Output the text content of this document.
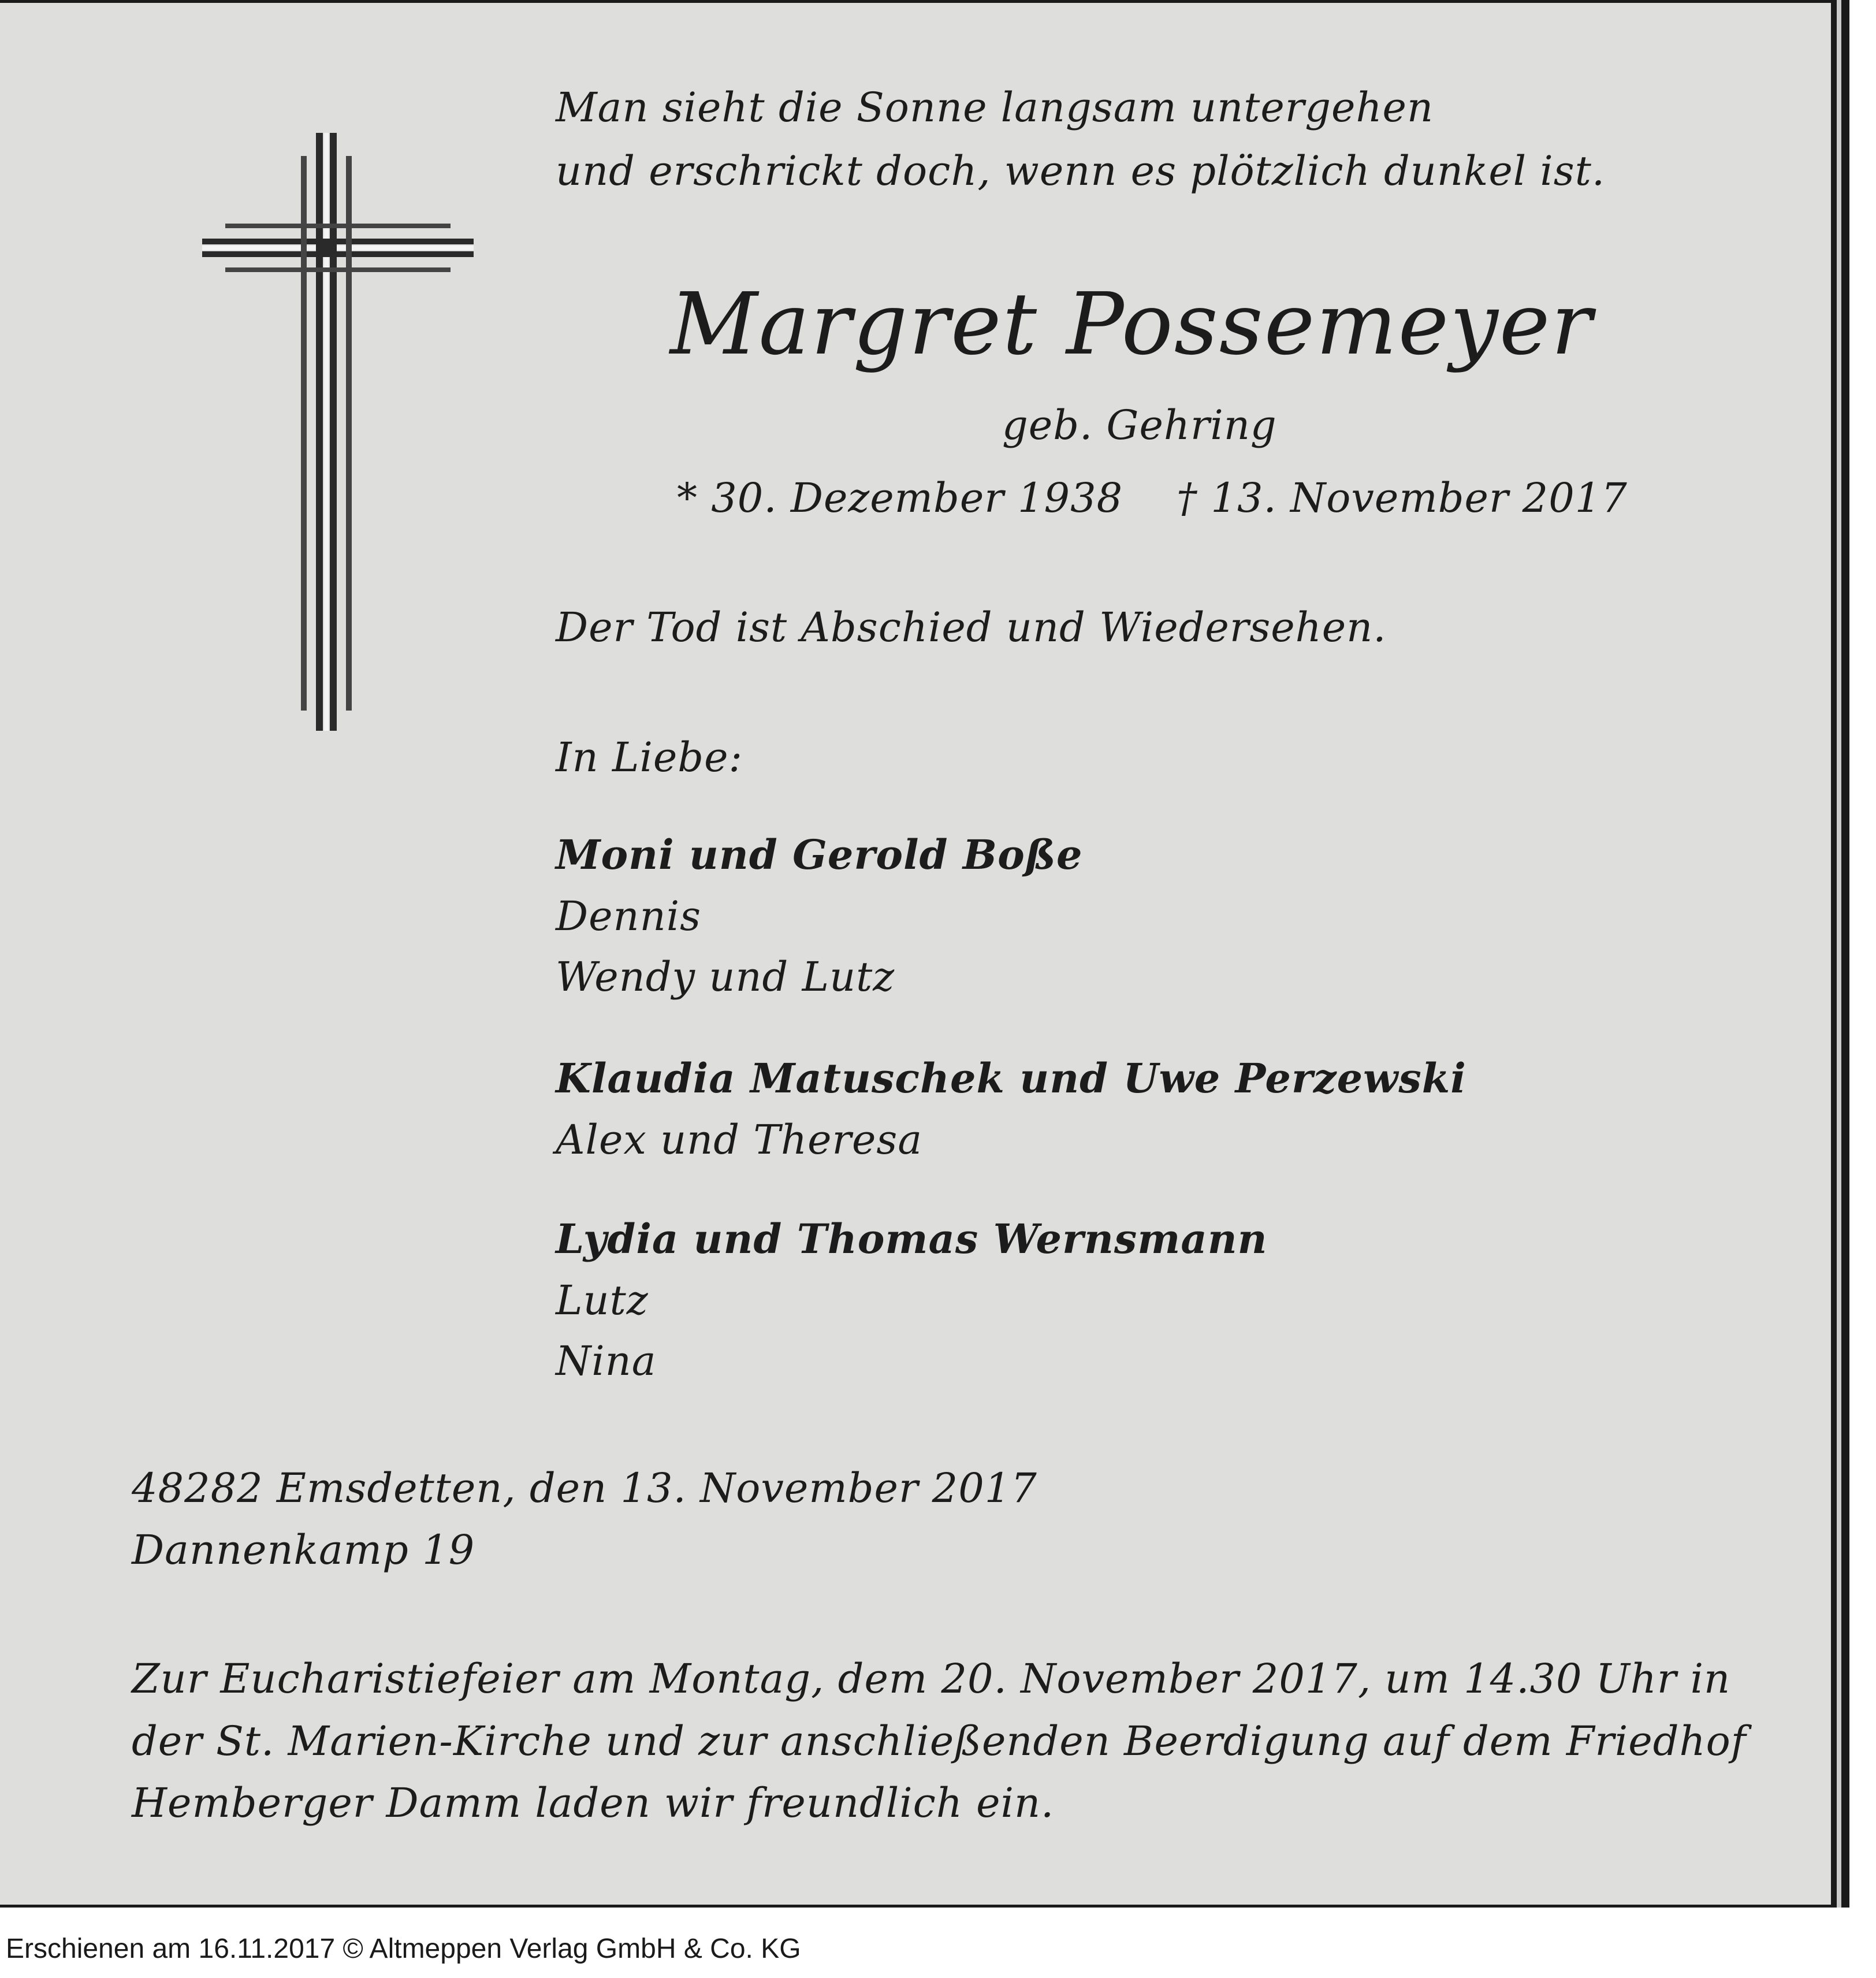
Man sieht die Sonne langsam untergehen
und erschrickt doch, wenn es plötzlich dunkel ist.
Margret Possemeyer
geb. Gehring
* 30. Dezember 1938    † 13. November 2017
Der Tod ist Abschied und Wiedersehen.
In Liebe:
Moni und Gerold Boße
Dennis
Wendy und Lutz
Klaudia Matuschek und Uwe Perzewski
Alex und Theresa
Lydia und Thomas Wernsmann
Lutz
Nina
48282 Emsdetten, den 13. November 2017
Dannenkamp 19
Zur Eucharistiefeier am Montag, dem 20. November 2017, um 14.30 Uhr in
der St. Marien-Kirche und zur anschließenden Beerdigung auf dem Friedhof
Hemberger Damm laden wir freundlich ein.
Erschienen am 16.11.2017 © Altmeppen Verlag GmbH & Co. KG
